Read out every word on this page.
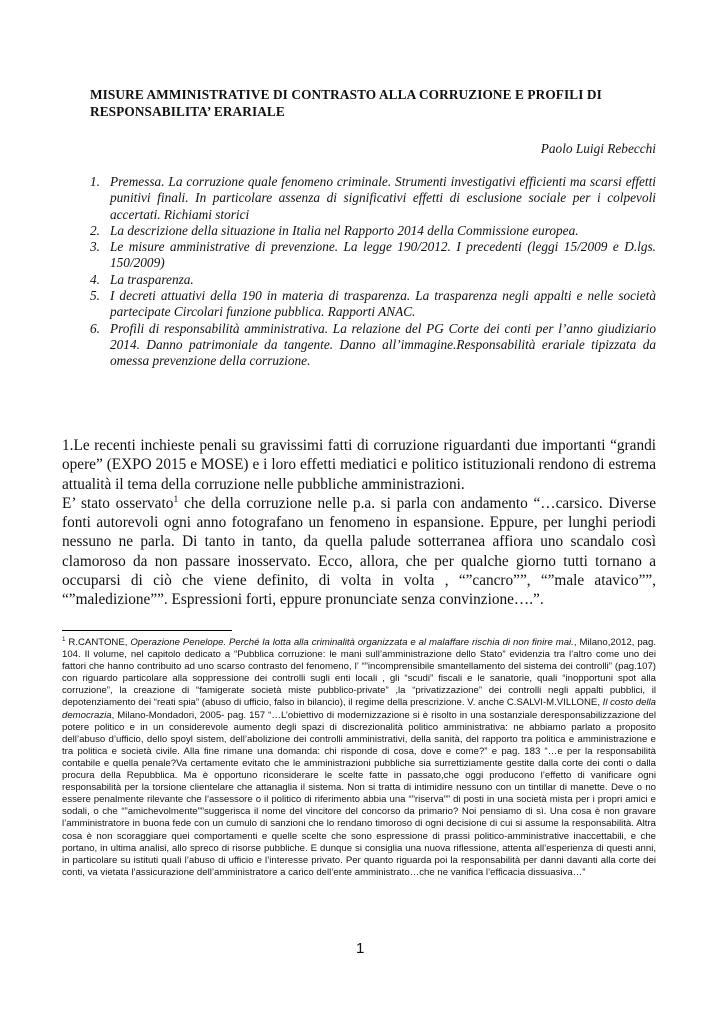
MISURE AMMINISTRATIVE DI CONTRASTO ALLA CORRUZIONE E PROFILI DI RESPONSABILITA’ ERARIALE
Paolo Luigi Rebecchi
1. Premessa. La corruzione quale fenomeno criminale. Strumenti investigativi efficienti ma scarsi effetti punitivi finali. In particolare assenza di significativi effetti di esclusione sociale per i colpevoli accertati. Richiami storici
2. La descrizione della situazione in Italia nel Rapporto 2014 della Commissione europea.
3. Le misure amministrative di prevenzione. La legge 190/2012. I precedenti (leggi 15/2009 e D.lgs. 150/2009)
4. La trasparenza.
5. I decreti attuativi della 190 in materia di trasparenza. La trasparenza negli appalti e nelle società partecipate Circolari funzione pubblica. Rapporti ANAC.
6. Profili di responsabilità amministrativa. La relazione del PG Corte dei conti per l’anno giudiziario 2014. Danno patrimoniale da tangente. Danno all’immagine.Responsabilità erariale tipizzata da omessa prevenzione della corruzione.

1.Le recenti inchieste penali su gravissimi fatti di corruzione riguardanti due importanti “grandi opere” (EXPO 2015 e MOSE) e i loro effetti mediatici e politico istituzionali rendono di estrema attualità il tema della corruzione nelle pubbliche amministrazioni.

E’ stato osservato$^1$ che della corruzione nelle p.a. si parla con andamento “…carsico. Diverse fonti autorevoli ogni anno fotografano un fenomeno in espansione. Eppure, per lunghi periodi nessuno ne parla. Di tanto in tanto, da quella palude sotterranea affiora uno scandalo così clamoroso da non passare inosservato. Ecco, allora, che per qualche giorno tutti tornano a occuparsi di ciò che viene definito, di volta in volta , “”cancro””, “”male atavico””, “”maledizione””. Espressioni forti, eppure pronunciate senza convinzione….”.

$^1$ R.CANTONE, Operazione Penelope. Perché la lotta alla criminalità organizzata e al malaffare rischia di non finire mai., Milano,2012, pag. 104. Il volume, nel capitolo dedicato a “Pubblica corruzione: le mani sull’amministrazione dello Stato” evidenzia tra l’altro come uno dei fattori che hanno contribuito ad uno scarso contrasto del fenomeno, l’ “”incomprensibile smantellamento del sistema dei controlli” (pag.107) con riguardo particolare alla soppressione dei controlli sugli enti locali , gli “scudi” fiscali e le sanatorie, quali “inopportuni spot alla corruzione”, la creazione di “famigerate società miste pubblico-private” ,la “privatizzazione” dei controlli negli appalti pubblici, il depotenziamento dei “reati spia” (abuso di ufficio, falso in bilancio), il regime della prescrizione. V. anche C.SALVI-M.VILLONE, Il costo della democrazia, Milano-Mondadori, 2005- pag. 157 “…L’obiettivo di modernizzazione si è risolto in una sostanziale deresponsabilizzazione del potere politico e in un considerevole aumento degli spazi di discrezionalità politico amministrativa: ne abbiamo parlato a proposito dell’abuso d’ufficio, dello spoyl sistem, dell’abolizione dei controlli amministrativi, della sanità, del rapporto tra politica e amministrazione e tra politica e società civile. Alla fine rimane una domanda: chi risponde di cosa, dove e come?” e pag. 183 “…e per la responsabilità contabile e quella penale?Va certamente evitato che le amministrazioni pubbliche sia surrettiziamente gestite dalla corte dei conti o dalla procura della Repubblica. Ma è opportuno riconsiderare le scelte fatte in passato,che oggi producono l’effetto di vanificare ogni responsabilità per la torsione clientelare che attanaglia il sistema. Non si tratta di intimidire nessuno con un tintillar di manette. Deve o no essere penalmente rilevante che l’assessore o il politico di riferimento abbia una “”riserva”” di posti in una società mista per i propri amici e sodali, o che “”amichevolmente””suggerisca il nome del vincitore del concorso da primario? Noi pensiamo di sì. Una cosa è non gravare l’amministratore in buona fede con un cumulo di sanzioni che lo rendano timoroso di ogni decisione di cui si assume la responsabilità. Altra cosa è non scoraggiare quei comportamenti e quelle scelte che sono espressione di prassi politico-amministrative inaccettabili, e che portano, in ultima analisi, allo spreco di risorse pubbliche. E dunque si consiglia una nuova riflessione, attenta all’esperienza di questi anni, in particolare su istituti quali l’abuso di ufficio e l’interesse privato. Per quanto riguarda poi la responsabilità per danni davanti alla corte dei conti, va vietata l’assicurazione dell’amministratore a carico dell’ente amministrato…che ne vanifica l’efficacia dissuasiva…”

1
